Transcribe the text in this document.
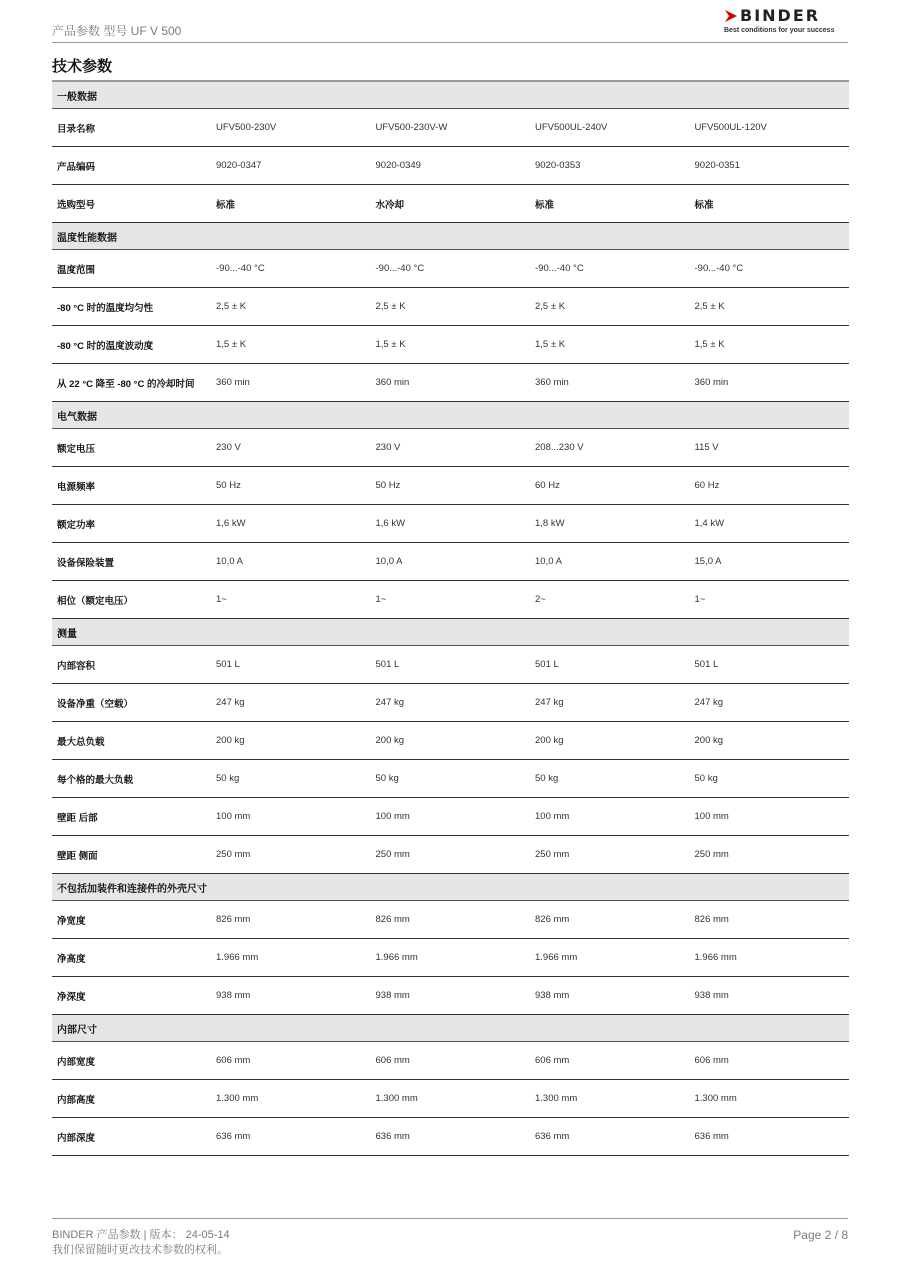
产品参数 型号 UF V 500
BINDER
Best conditions for your success
技术参数
一般数据
目录名称	UFV500-230V	UFV500-230V-W	UFV500UL-240V	UFV500UL-120V
产品编码	9020-0347	9020-0349	9020-0353	9020-0351
选购型号	标准	水冷却	标准	标准
温度性能数据
温度范围	-90...-40 °C	-90...-40 °C	-90...-40 °C	-90...-40 °C
-80 °C 时的温度均匀性	2,5 ± K	2,5 ± K	2,5 ± K	2,5 ± K
-80 °C 时的温度波动度	1,5 ± K	1,5 ± K	1,5 ± K	1,5 ± K
从 22 °C 降至 -80 °C 的冷却时间	360 min	360 min	360 min	360 min
电气数据
额定电压	230 V	230 V	208...230 V	115 V
电源频率	50 Hz	50 Hz	60 Hz	60 Hz
额定功率	1,6 kW	1,6 kW	1,8 kW	1,4 kW
设备保险装置	10,0 A	10,0 A	10,0 A	15,0 A
相位（额定电压）	1~	1~	2~	1~
测量
内部容积	501 L	501 L	501 L	501 L
设备净重（空载）	247 kg	247 kg	247 kg	247 kg
最大总负载	200 kg	200 kg	200 kg	200 kg
每个格的最大负载	50 kg	50 kg	50 kg	50 kg
壁距 后部	100 mm	100 mm	100 mm	100 mm
壁距 侧面	250 mm	250 mm	250 mm	250 mm
不包括加装件和连接件的外壳尺寸
净宽度	826 mm	826 mm	826 mm	826 mm
净高度	1.966 mm	1.966 mm	1.966 mm	1.966 mm
净深度	938 mm	938 mm	938 mm	938 mm
内部尺寸
内部宽度	606 mm	606 mm	606 mm	606 mm
内部高度	1.300 mm	1.300 mm	1.300 mm	1.300 mm
内部深度	636 mm	636 mm	636 mm	636 mm
BINDER 产品参数 | 版本： 24-05-14
我们保留随时更改技术参数的权利。
Page 2 / 8
